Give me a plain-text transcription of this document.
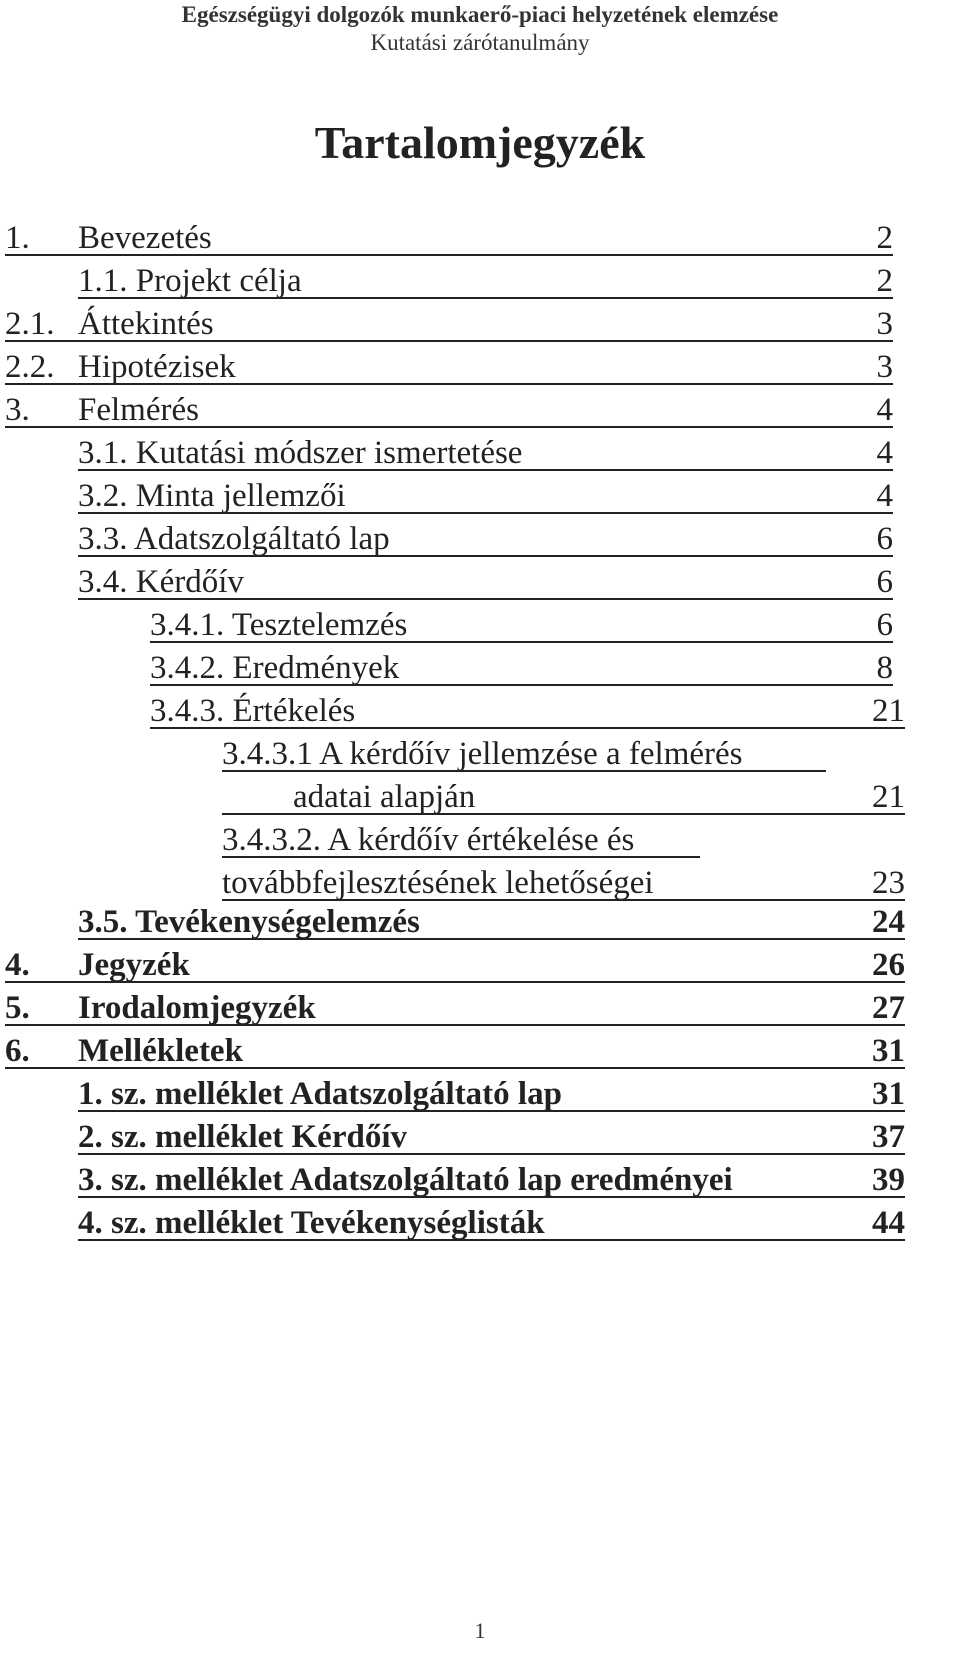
Egészségügyi dolgozók munkaerő-piaci helyzetének elemzése
Kutatási zárótanulmány
Tartalomjegyzék
1. Bevezetés	2
1.1. Projekt célja	2
2.1. Áttekintés	3
2.2. Hipotézisek	3
3. Felmérés	4
3.1. Kutatási módszer ismertetése	4
3.2. Minta jellemzői	4
3.3. Adatszolgáltató lap	6
3.4. Kérdőív	6
3.4.1. Tesztelemzés	6
3.4.2. Eredmények	8
3.4.3. Értékelés	21
3.4.3.1 A kérdőív jellemzése a felmérés
adatai alapján	21
3.4.3.2. A kérdőív értékelése és
továbbfejlesztésének lehetőségei	23
3.5. Tevékenységelemzés	24
4. Jegyzék	26
5. Irodalomjegyzék	27
6. Mellékletek	31
1. sz. melléklet Adatszolgáltató lap	31
2. sz. melléklet Kérdőív	37
3. sz. melléklet Adatszolgáltató lap eredményei	39
4. sz. melléklet Tevékenységlisták	44
1
